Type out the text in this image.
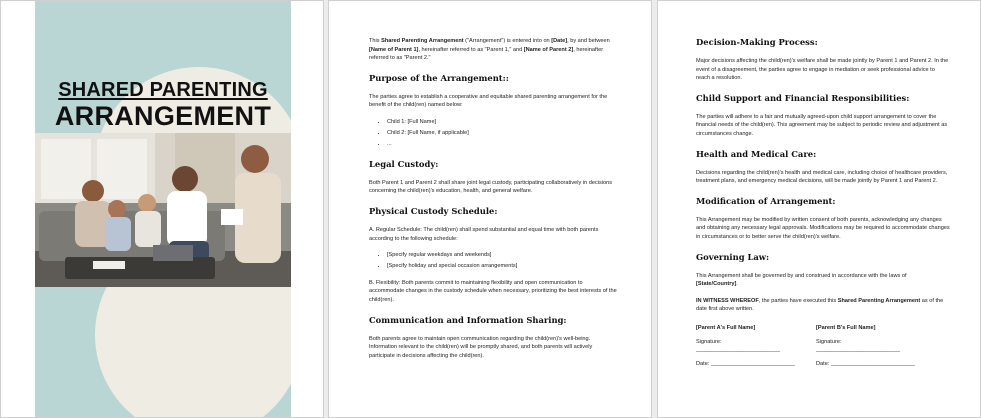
SHARED PARENTING
ARRANGEMENT

This Shared Parenting Arrangement ("Arrangement") is entered into on [Date], by and between [Name of Parent 1], hereinafter referred to as "Parent 1," and [Name of Parent 2], hereinafter referred to as "Parent 2."

Purpose of the Arrangement::

The parties agree to establish a cooperative and equitable shared parenting arrangement for the benefit of the child(ren) named below:

• Child 1: [Full Name]
• Child 2: [Full Name, if applicable]
• ...
Legal Custody:

Both Parent 1 and Parent 2 shall share joint legal custody, participating collaboratively in decisions concerning the child(ren)'s education, health, and general welfare.

Physical Custody Schedule:

A. Regular Schedule: The child(ren) shall spend substantial and equal time with both parents according to the following schedule:

• [Specify regular weekdays and weekends]
• [Specify holiday and special occasion arrangements]

B. Flexibility: Both parents commit to maintaining flexibility and open communication to accommodate changes in the custody schedule when necessary, prioritizing the best interests of the child(ren).

Communication and Information Sharing:

Both parents agree to maintain open communication regarding the child(ren)'s well-being. Information relevant to the child(ren) will be promptly shared, and both parents will actively participate in decisions affecting the child(ren).

Decision-Making Process:

Major decisions affecting the child(ren)'s welfare shall be made jointly by Parent 1 and Parent 2. In the event of a disagreement, the parties agree to engage in mediation or seek professional advice to reach a resolution.

Child Support and Financial Responsibilities:

The parties will adhere to a fair and mutually agreed-upon child support arrangement to cover the financial needs of the child(ren). This agreement may be subject to periodic review and adjustment as circumstances change.

Health and Medical Care:

Decisions regarding the child(ren)'s health and medical care, including choice of healthcare providers, treatment plans, and emergency medical decisions, will be made jointly by Parent 1 and Parent 2.

Modification of Arrangement:

This Arrangement may be modified by written consent of both parents, acknowledging any changes and obtaining any necessary legal approvals. Modifications may be required to accommodate changes in circumstances or to better serve the child(ren)'s welfare.

Governing Law:

This Arrangement shall be governed by and construed in accordance with the laws of [State/Country].

IN WITNESS WHEREOF, the parties have executed this Shared Parenting Arrangement as of the date first above written.

[Parent A's Full Name]
Signature: ___________________________
Date: ___________________________
[Parent B's Full Name]
Signature: ___________________________
Date: ___________________________
